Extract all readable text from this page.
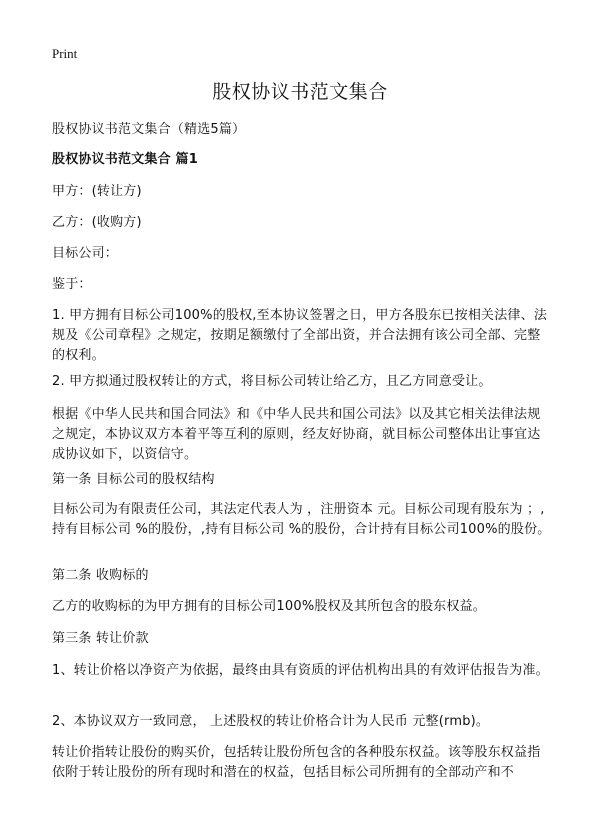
Print
股权协议书范文集合

股权协议书范文集合（精选5篇）

股权协议书范文集合 篇1

甲方：(转让方)

乙方：(收购方)

目标公司：

鉴于：

1. 甲方拥有目标公司100%的股权,至本协议签署之日，甲方各股东已按相关法律、法规及《公司章程》之规定，按期足额缴付了全部出资，并合法拥有该公司全部、完整的权利。

2. 甲方拟通过股权转让的方式，将目标公司转让给乙方，且乙方同意受让。

根据《中华人民共和国合同法》和《中华人民共和国公司法》以及其它相关法律法规之规定，本协议双方本着平等互利的原则，经友好协商，就目标公司整体出让事宜达成协议如下，以资信守。

第一条 目标公司的股权结构

目标公司为有限责任公司，其法定代表人为 ，注册资本 元。目标公司现有股东为 ；,持有目标公司 %的股份，,持有目标公司 %的股份，合计持有目标公司100%的股份。

第二条 收购标的

乙方的收购标的为甲方拥有的目标公司100%股权及其所包含的股东权益。

第三条 转让价款

1、转让价格以净资产为依据，最终由具有资质的评估机构出具的有效评估报告为准。

2、本协议双方一致同意， 上述股权的转让价格合计为人民币 元整(rmb)。

转让价指转让股份的购买价，包括转让股份所包含的各种股东权益。该等股东权益指依附于转让股份的所有现时和潜在的权益，包括目标公司所拥有的全部动产和不
